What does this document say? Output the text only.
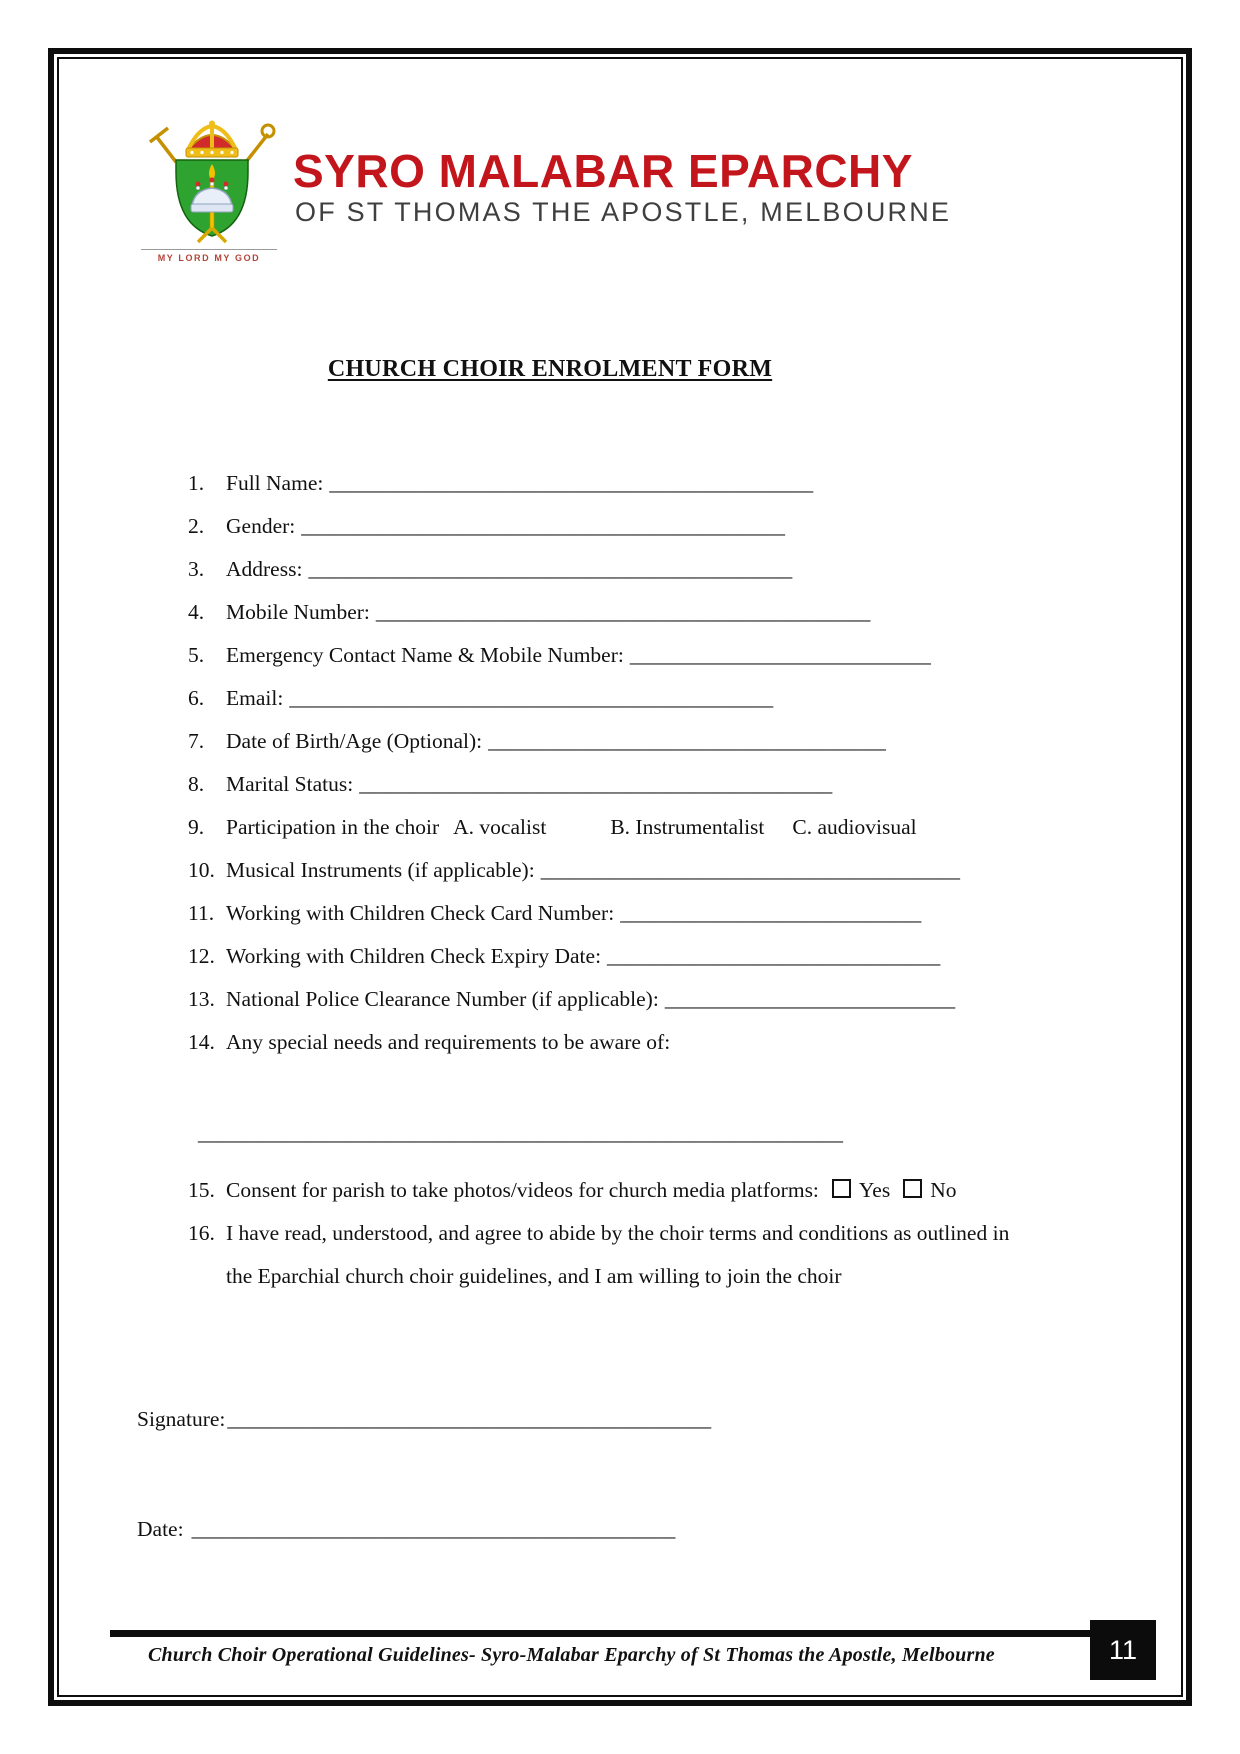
MY LORD MY GOD
SYRO MALABAR EPARCHY
OF ST THOMAS THE APOSTLE, MELBOURNE
CHURCH CHOIR ENROLMENT FORM
1.	Full Name: _____________________________________________
2.	Gender: _____________________________________________
3.	Address: _____________________________________________
4.	Mobile Number: ______________________________________________
5.	Emergency Contact Name & Mobile Number: ____________________________
6.	Email: _____________________________________________
7.	Date of Birth/Age (Optional): _____________________________________
8.	Marital Status: ____________________________________________
9.	Participation in the choir A. vocalist	B. Instrumentalist C. audiovisual
10. Musical Instruments (if applicable): _______________________________________
11. Working with Children Check Card Number: ____________________________
12. Working with Children Check Expiry Date: _______________________________
13. National Police Clearance Number (if applicable): ___________________________
14. Any special needs and requirements to be aware of:
____________________________________________________________
15. Consent for parish to take photos/videos for church media platforms: Yes No
16. I have read, understood, and agree to abide by the choir terms and conditions as outlined in the Eparchial church choir guidelines, and I am willing to join the choir
Signature:_____________________________________________
Date: _____________________________________________
Church Choir Operational Guidelines- Syro-Malabar Eparchy of St Thomas the Apostle, Melbourne	11
